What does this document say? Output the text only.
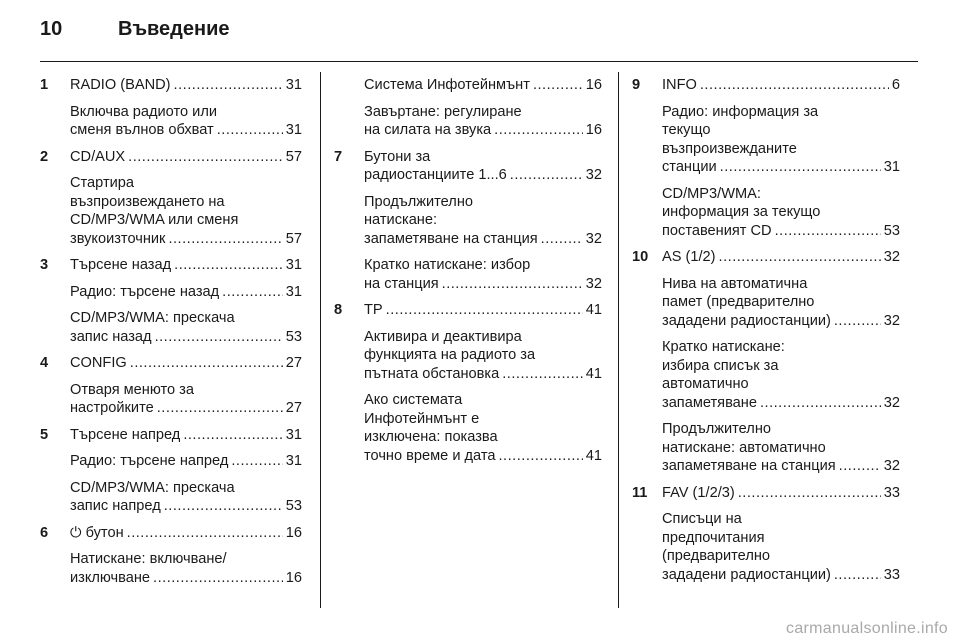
10	Въведение
1	RADIO (BAND) .....	31
Включва радиото или
сменя вълнов обхват .....	31
2	CD/AUX .....	57
Стартира
възпроизвеждането на
CD/MP3/WMA или сменя
звукоизточник .....	57
3	Търсене назад .....	31
Радио: търсене назад .....	31
CD/MP3/WMA: прескача
запис назад .....	53
4	CONFIG .....	27
Отваря менюто за
настройките .....	27
5	Търсене напред .....	31
Радио: търсене напред .....	31
CD/MP3/WMA: прескача
запис напред .....	53
6	⏻ бутон .....	16
Натискане: включване/
изключване .....	16
Система Инфотейнмънт .....	16
Завъртане: регулиране
на силата на звука .....	16
7	Бутони за
радиостанциите 1...6 .....	32
Продължително
натискане:
запаметяване на станция .....	32
Кратко натискане: избор
на станция .....	32
8	TP .....	41
Активира и деактивира
функцията на радиото за
пътната обстановка .....	41
Ако системата
Инфотейнмънт е
изключена: показва
точно време и дата .....	41
9	INFO .....	6
Радио: информация за
текущо
възпроизвежданите
станции .....	31
CD/MP3/WMA:
информация за текущо
поставеният CD .....	53
10 AS (1/2) .....	32
Нива на автоматична
памет (предварително
зададени радиостанции) .....	32
Кратко натискане:
избира списък за
автоматично
запаметяване .....	32
Продължително
натискане: автоматично
запаметяване на станция .....	32
11 FAV (1/2/3) .....	33
Списъци на
предпочитания
(предварително
зададени радиостанции) .....	33
carmanualsonline.info
